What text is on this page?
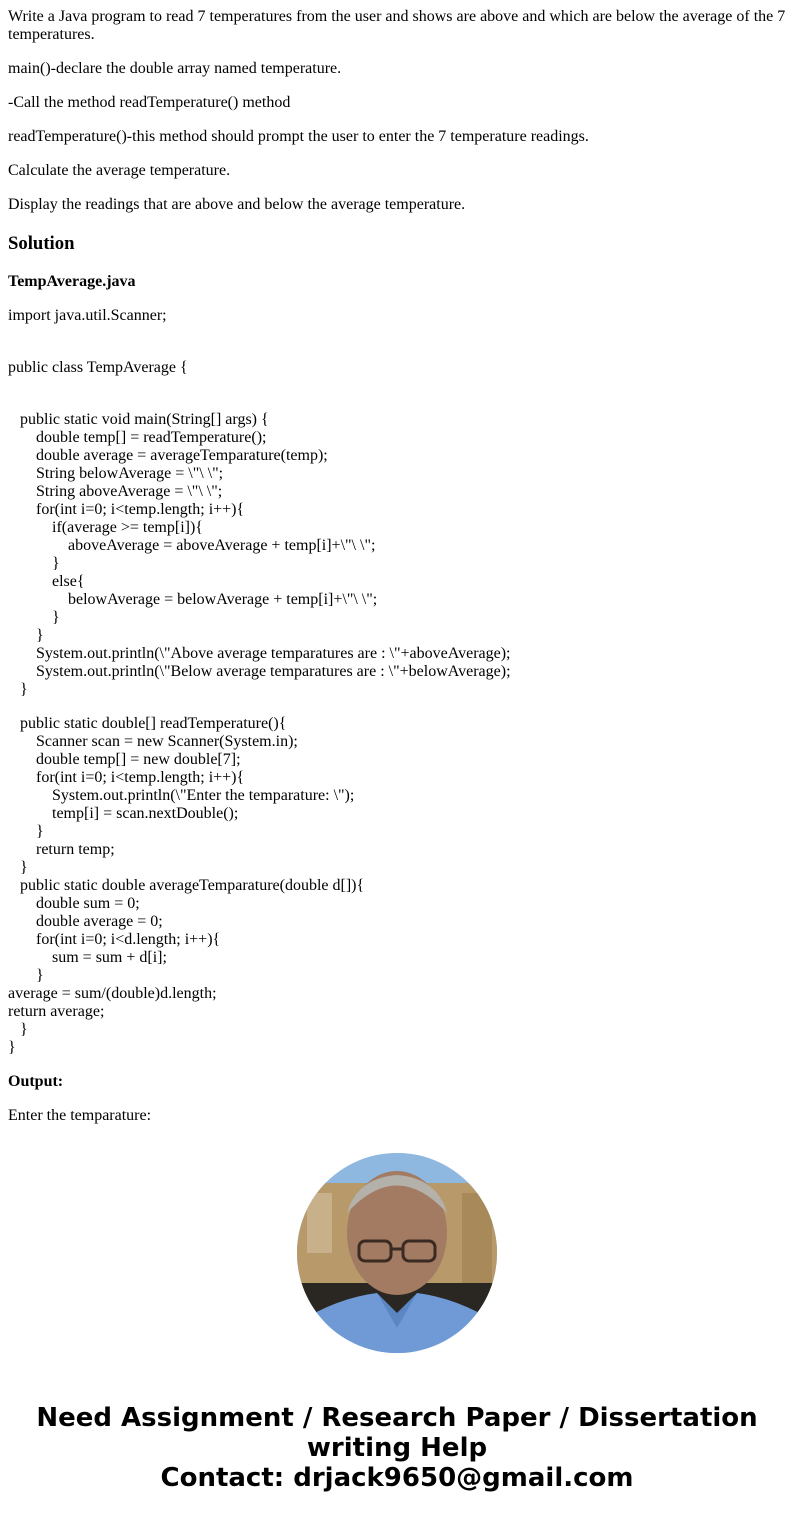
Write a Java program to read 7 temperatures from the user and shows are above and which are below the average of the 7 temperatures.

main()-declare the double array named temperature.

-Call the method readTemperature() method

readTemperature()-this method should prompt the user to enter the 7 temperature readings.

Calculate the average temperature.

Display the readings that are above and below the average temperature.

Solution
TempAverage.java
import java.util.Scanner;
public class TempAverage {
public static void main(String[] args) {
double temp[] = readTemperature();
double average = averageTemparature(temp);
String belowAverage = \"\ \";
String aboveAverage = \"\ \";
for(int i=0; i<temp.length; i++){
if(average >= temp[i]){
aboveAverage = aboveAverage + temp[i]+\"\ \";
}
else{
belowAverage = belowAverage + temp[i]+\"\ \";
}
}
System.out.println(\"Above average temparatures are : \"+aboveAverage);
System.out.println(\"Below average temparatures are : \"+belowAverage);
}
public static double[] readTemperature(){
Scanner scan = new Scanner(System.in);
double temp[] = new double[7];
for(int i=0; i<temp.length; i++){
System.out.println(\"Enter the temparature: \");
temp[i] = scan.nextDouble();
}
return temp;
}
public static double averageTemparature(double d[]){
double sum = 0;
double average = 0;
for(int i=0; i<d.length; i++){
sum = sum + d[i];
}
average = sum/(double)d.length;
return average;
}
}
Output:
Enter the temparature:
Need Assignment / Research Paper / Dissertation
writing Help
Contact: drjack9650@gmail.com
